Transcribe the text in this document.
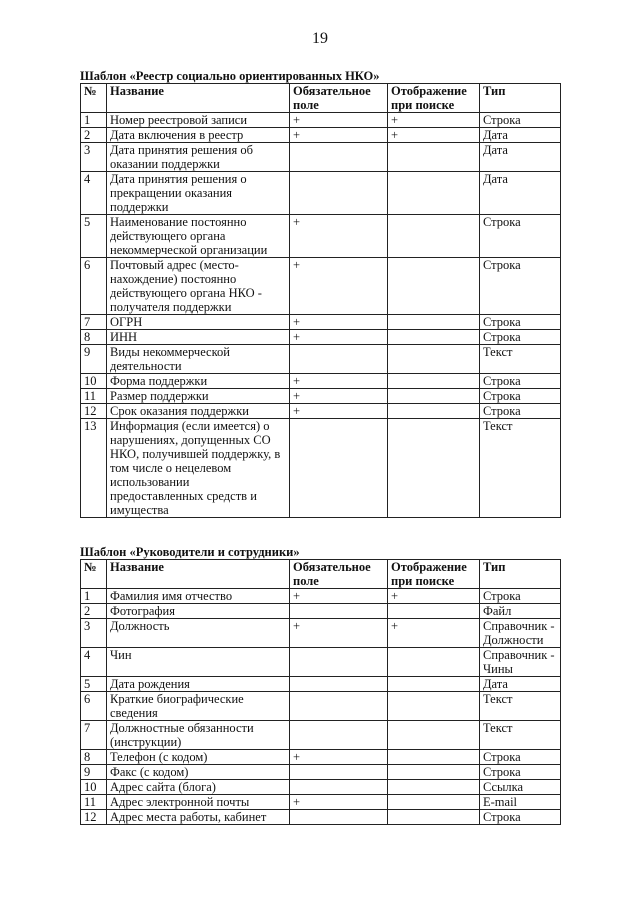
19
Шаблон «Реестр социально ориентированных НКО»
№	Название	Обязательное поле	Отображение при поиске	Тип
1	Номер реестровой записи	+	+	Строка
2	Дата включения в реестр	+	+	Дата
3	Дата принятия решения об оказании поддержки			Дата
4	Дата принятия решения о прекращении оказания поддержки			Дата
5	Наименование постоянно действующего органа некоммерческой организации	+		Строка
6	Почтовый адрес (место-нахождение) постоянно действующего органа НКО - получателя поддержки	+		Строка
7	ОГРН	+		Строка
8	ИНН	+		Строка
9	Виды некоммерческой деятельности			Текст
10	Форма поддержки	+		Строка
11	Размер поддержки	+		Строка
12	Срок оказания поддержки	+		Строка
13	Информация (если имеется) о нарушениях, допущенных СО НКО, получившей поддержку, в том числе о нецелевом использовании предоставленных средств и имущества			Текст
Шаблон «Руководители и сотрудники»
№	Название	Обязательное поле	Отображение при поиске	Тип
1	Фамилия имя отчество	+	+	Строка
2	Фотография			Файл
3	Должность	+	+	Справочник - Должности
4	Чин			Справочник - Чины
5	Дата рождения			Дата
6	Краткие биографические сведения			Текст
7	Должностные обязанности (инструкции)			Текст
8	Телефон (с кодом)	+		Строка
9	Факс (с кодом)			Строка
10	Адрес сайта (блога)			Ссылка
11	Адрес электронной почты	+		E-mail
12	Адрес места работы, кабинет			Строка
